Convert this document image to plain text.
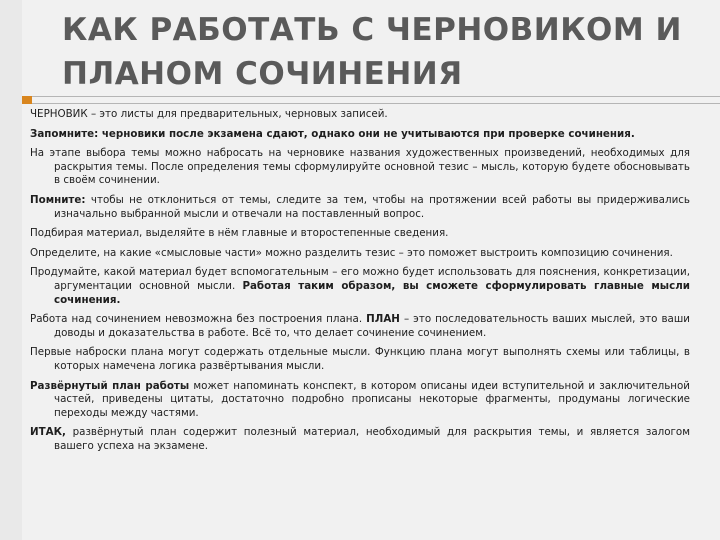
КАК РАБОТАТЬ С ЧЕРНОВИКОМ И ПЛАНОМ СОЧИНЕНИЯ

ЧЕРНОВИК – это листы для предварительных, черновых записей.

Запомните: черновики после экзамена сдают, однако они не учитываются при проверке сочинения.

На этапе выбора темы можно набросать на черновике названия художественных произведений, необходимых для раскрытия темы. После определения темы сформулируйте основной тезис – мысль, которую будете обосновывать в своём сочинении.

Помните: чтобы не отклониться от темы, следите за тем, чтобы на протяжении всей работы вы придерживались изначально выбранной мысли и отвечали на поставленный вопрос.

Подбирая материал, выделяйте в нём главные и второстепенные сведения.

Определите, на какие «смысловые части» можно разделить тезис – это поможет выстроить композицию сочинения.

Продумайте, какой материал будет вспомогательным – его можно будет использовать для пояснения, конкретизации, аргументации основной мысли. Работая таким образом, вы сможете сформулировать главные мысли сочинения.

Работа над сочинением невозможна без построения плана. ПЛАН – это последовательность ваших мыслей, это ваши доводы и доказательства в работе. Всё то, что делает сочинение сочинением.

Первые наброски плана могут содержать отдельные мысли. Функцию плана могут выполнять схемы или таблицы, в которых намечена логика развёртывания мысли.

Развёрнутый план работы может напоминать конспект, в котором описаны идеи вступительной и заключительной частей, приведены цитаты, достаточно подробно прописаны некоторые фрагменты, продуманы логические переходы между частями.

ИТАК, развёрнутый план содержит полезный материал, необходимый для раскрытия темы, и является залогом вашего успеха на экзамене.
